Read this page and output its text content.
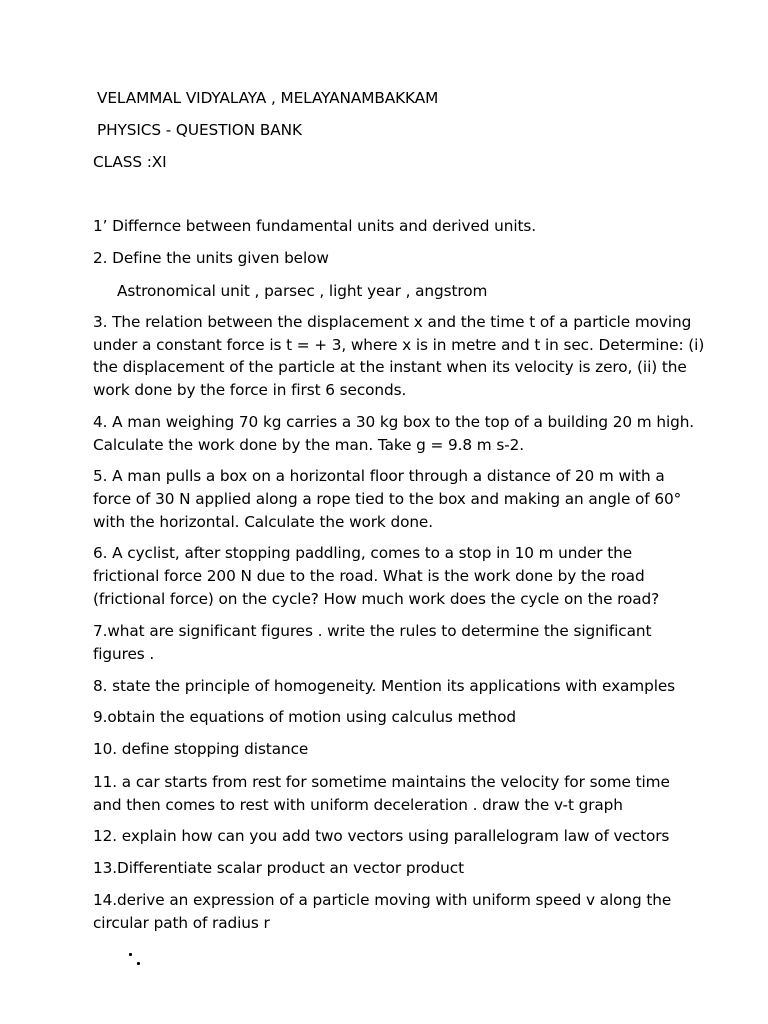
VELAMMAL VIDYALAYA , MELAYANAMBAKKAM

PHYSICS - QUESTION BANK

CLASS :XI

1’ Differnce between fundamental units and derived units.

2. Define the units given below

Astronomical unit , parsec , light year , angstrom

3. The relation between the displacement x and the time t of a particle moving

under a constant force is t = + 3, where x is in metre and t in sec. Determine: (i)

the displacement of the particle at the instant when its velocity is zero, (ii) the

work done by the force in first 6 seconds.

4. A man weighing 70 kg carries a 30 kg box to the top of a building 20 m high.

Calculate the work done by the man. Take g = 9.8 m s-2.

5. A man pulls a box on a horizontal floor through a distance of 20 m with a

force of 30 N applied along a rope tied to the box and making an angle of 60°

with the horizontal. Calculate the work done.

6. A cyclist, after stopping paddling, comes to a stop in 10 m under the

frictional force 200 N due to the road. What is the work done by the road

(frictional force) on the cycle? How much work does the cycle on the road?

7.what are significant figures . write the rules to determine the significant

figures .

8. state the principle of homogeneity. Mention its applications with examples

9.obtain the equations of motion using calculus method

10. define stopping distance

11. a car starts from rest for sometime maintains the velocity for some time

and then comes to rest with uniform deceleration . draw the v-t graph

12. explain how can you add two vectors using parallelogram law of vectors

13.Differentiate scalar product an vector product

14.derive an expression of a particle moving with uniform speed v along the

circular path of radius r
